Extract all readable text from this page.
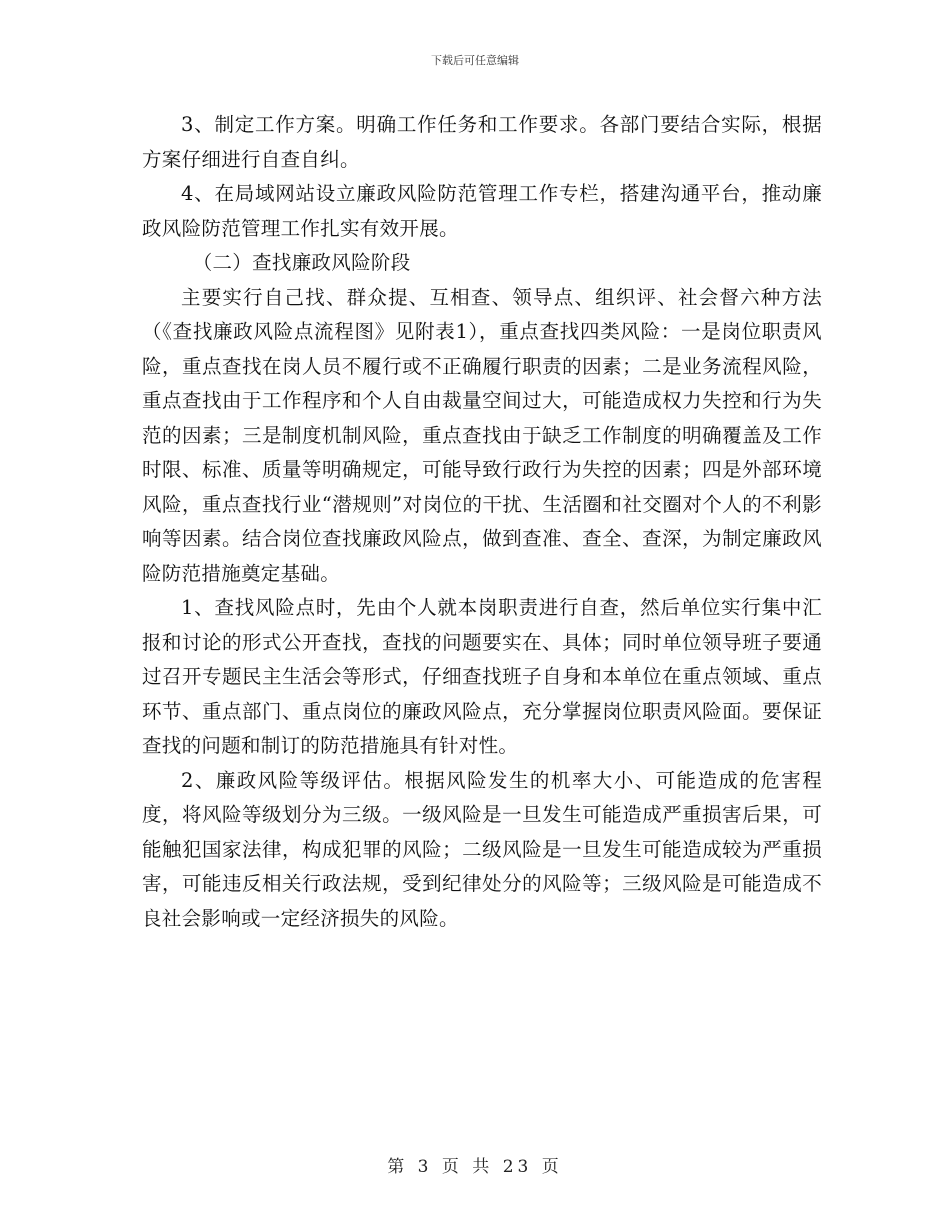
下载后可任意编辑

3、制定工作方案。明确工作任务和工作要求。各部门要结合实际，根据方案仔细进行自查自纠。

4、在局域网站设立廉政风险防范管理工作专栏，搭建沟通平台，推动廉政风险防范管理工作扎实有效开展。

（二）查找廉政风险阶段

主要实行自己找、群众提、互相查、领导点、组织评、社会督六种方法（《查找廉政风险点流程图》见附表1），重点查找四类风险：一是岗位职责风险，重点查找在岗人员不履行或不正确履行职责的因素；二是业务流程风险，重点查找由于工作程序和个人自由裁量空间过大，可能造成权力失控和行为失范的因素；三是制度机制风险，重点查找由于缺乏工作制度的明确覆盖及工作时限、标准、质量等明确规定，可能导致行政行为失控的因素；四是外部环境风险，重点查找行业“潜规则”对岗位的干扰、生活圈和社交圈对个人的不利影响等因素。结合岗位查找廉政风险点，做到查准、查全、查深，为制定廉政风险防范措施奠定基础。

1、查找风险点时，先由个人就本岗职责进行自查，然后单位实行集中汇报和讨论的形式公开查找，查找的问题要实在、具体；同时单位领导班子要通过召开专题民主生活会等形式，仔细查找班子自身和本单位在重点领域、重点环节、重点部门、重点岗位的廉政风险点，充分掌握岗位职责风险面。要保证查找的问题和制订的防范措施具有针对性。

2、廉政风险等级评估。根据风险发生的机率大小、可能造成的危害程度，将风险等级划分为三级。一级风险是一旦发生可能造成严重损害后果，可能触犯国家法律，构成犯罪的风险；二级风险是一旦发生可能造成较为严重损害，可能违反相关行政法规，受到纪律处分的风险等；三级风险是可能造成不良社会影响或一定经济损失的风险。

第 3 页 共 23 页
